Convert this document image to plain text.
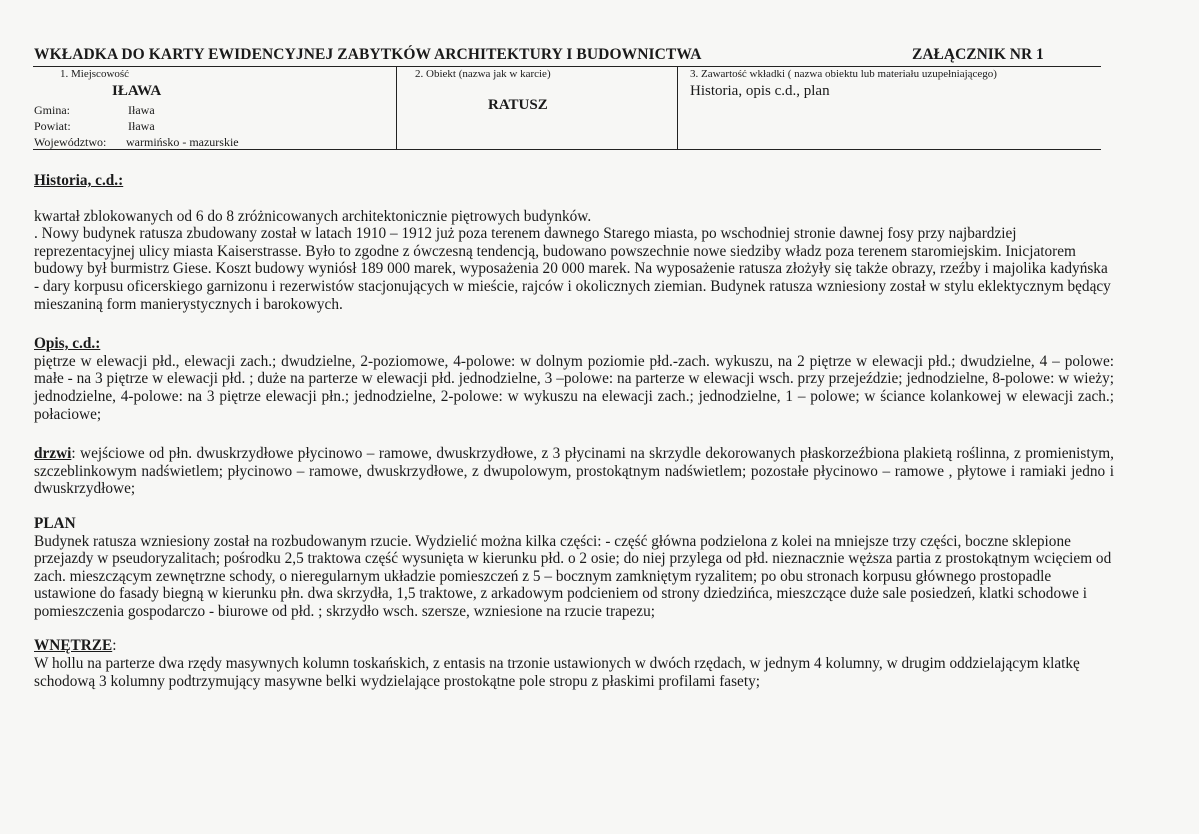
WKŁADKA DO KARTY EWIDENCYJNEJ ZABYTKÓW ARCHITEKTURY I BUDOWNICTWA	ZAŁĄCZNIK NR 1
1. Miejscowość
IŁAWA
Gmina:	Iława
Powiat:	Iława
Województwo: warmińsko - mazurskie
2. Obiekt (nazwa jak w karcie)
RATUSZ
3. Zawartość wkładki ( nazwa obiektu lub materiału uzupełniającego)
Historia, opis c.d., plan

Historia, c.d.:

kwartał zblokowanych od 6 do 8 zróżnicowanych architektonicznie piętrowych budynków.

. Nowy budynek ratusza zbudowany został w latach 1910 – 1912 już poza terenem dawnego Starego miasta, po wschodniej stronie dawnej fosy przy najbardziej reprezentacyjnej ulicy miasta Kaiserstrasse. Było to zgodne z ówczesną tendencją, budowano powszechnie nowe siedziby władz poza terenem staromiejskim. Inicjatorem budowy był burmistrz Giese. Koszt budowy wyniósł 189 000 marek, wyposażenia 20 000 marek. Na wyposażenie ratusza złożyły się także obrazy, rzeźby i majolika kadyńska - dary korpusu oficerskiego garnizonu i rezerwistów stacjonujących w mieście, rajców i okolicznych ziemian. Budynek ratusza wzniesiony został w stylu eklektycznym będący mieszaniną form manierystycznych i barokowych.

Opis, c.d.:

piętrze w elewacji płd., elewacji zach.; dwudzielne, 2-poziomowe, 4-polowe: w dolnym poziomie płd.-zach. wykuszu, na 2 piętrze w elewacji płd.; dwudzielne, 4 – polowe: małe - na 3 piętrze w elewacji płd. ; duże na parterze w elewacji płd. jednodzielne, 3 –polowe: na parterze w elewacji wsch. przy przejeździe; jednodzielne, 8-polowe: w wieży; jednodzielne, 4-polowe: na 3 piętrze elewacji płn.; jednodzielne, 2-polowe: w wykuszu na elewacji zach.; jednodzielne, 1 – polowe; w ściance kolankowej w elewacji zach.; połaciowe;

drzwi: wejściowe od płn. dwuskrzydłowe płycinowo – ramowe, dwuskrzydłowe, z 3 płycinami na skrzydle dekorowanych płaskorzeźbiona plakietą roślinna, z promienistym, szczeblinkowym nadświetlem; płycinowo – ramowe, dwuskrzydłowe, z dwupolowym, prostokątnym nadświetlem; pozostałe płycinowo – ramowe , płytowe i ramiaki jedno i dwuskrzydłowe;

PLAN

Budynek ratusza wzniesiony został na rozbudowanym rzucie. Wydzielić można kilka części: - część główna podzielona z kolei na mniejsze trzy części, boczne sklepione przejazdy w pseudoryzalitach; pośrodku 2,5 traktowa część wysunięta w kierunku płd. o 2 osie; do niej przylega od płd. nieznacznie węższa partia z prostokątnym wcięciem od zach. mieszczącym zewnętrzne schody, o nieregularnym układzie pomieszczeń z 5 – bocznym zamkniętym ryzalitem; po obu stronach korpusu głównego prostopadle ustawione do fasady biegną w kierunku płn. dwa skrzydła, 1,5 traktowe, z arkadowym podcieniem od strony dziedzińca, mieszczące duże sale posiedzeń, klatki schodowe i pomieszczenia gospodarczo - biurowe od płd. ; skrzydło wsch. szersze, wzniesione na rzucie trapezu;

WNĘTRZE:

W hollu na parterze dwa rzędy masywnych kolumn toskańskich, z entasis na trzonie ustawionych w dwóch rzędach, w jednym 4 kolumny, w drugim oddzielającym klatkę schodową 3 kolumny podtrzymujący masywne belki wydzielające prostokątne pole stropu z płaskimi profilami fasety;
